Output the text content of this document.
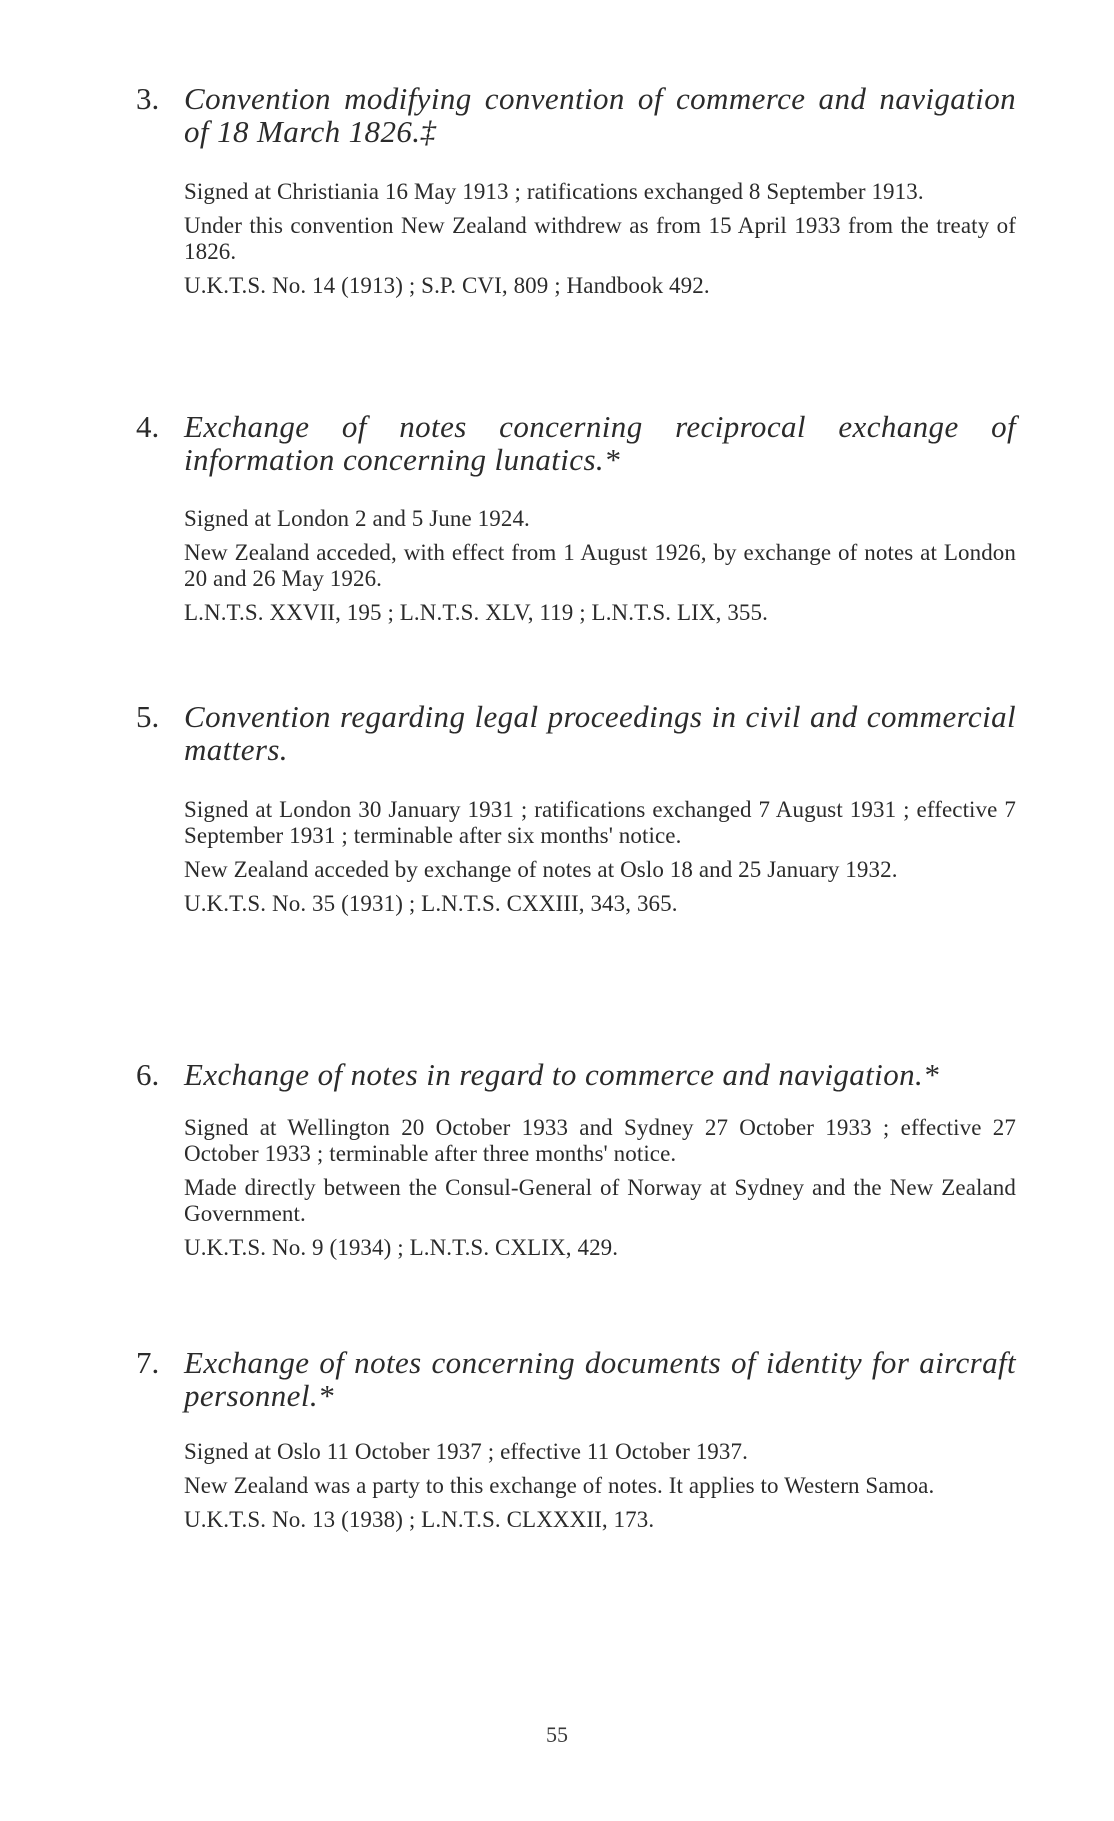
3. Convention modifying convention of commerce and navigation of 18 March 1826.‡

Signed at Christiania 16 May 1913 ; ratifications exchanged 8 September 1913.

Under this convention New Zealand withdrew as from 15 April 1933 from the treaty of 1826.

U.K.T.S. No. 14 (1913) ; S.P. CVI, 809 ; Handbook 492.

4. Exchange of notes concerning reciprocal exchange of information concerning lunatics.*

Signed at London 2 and 5 June 1924.

New Zealand acceded, with effect from 1 August 1926, by exchange of notes at London 20 and 26 May 1926.

L.N.T.S. XXVII, 195 ; L.N.T.S. XLV, 119 ; L.N.T.S. LIX, 355.

5. Convention regarding legal proceedings in civil and commercial matters.

Signed at London 30 January 1931 ; ratifications exchanged 7 August 1931 ; effective 7 September 1931 ; terminable after six months' notice.

New Zealand acceded by exchange of notes at Oslo 18 and 25 January 1932.

U.K.T.S. No. 35 (1931) ; L.N.T.S. CXXIII, 343, 365.

6. Exchange of notes in regard to commerce and navigation.*

Signed at Wellington 20 October 1933 and Sydney 27 October 1933 ; effective 27 October 1933 ; terminable after three months' notice.

Made directly between the Consul-General of Norway at Sydney and the New Zealand Government.

U.K.T.S. No. 9 (1934) ; L.N.T.S. CXLIX, 429.

7. Exchange of notes concerning documents of identity for aircraft personnel.*

Signed at Oslo 11 October 1937 ; effective 11 October 1937.

New Zealand was a party to this exchange of notes. It applies to Western Samoa.

U.K.T.S. No. 13 (1938) ; L.N.T.S. CLXXXII, 173.

55
